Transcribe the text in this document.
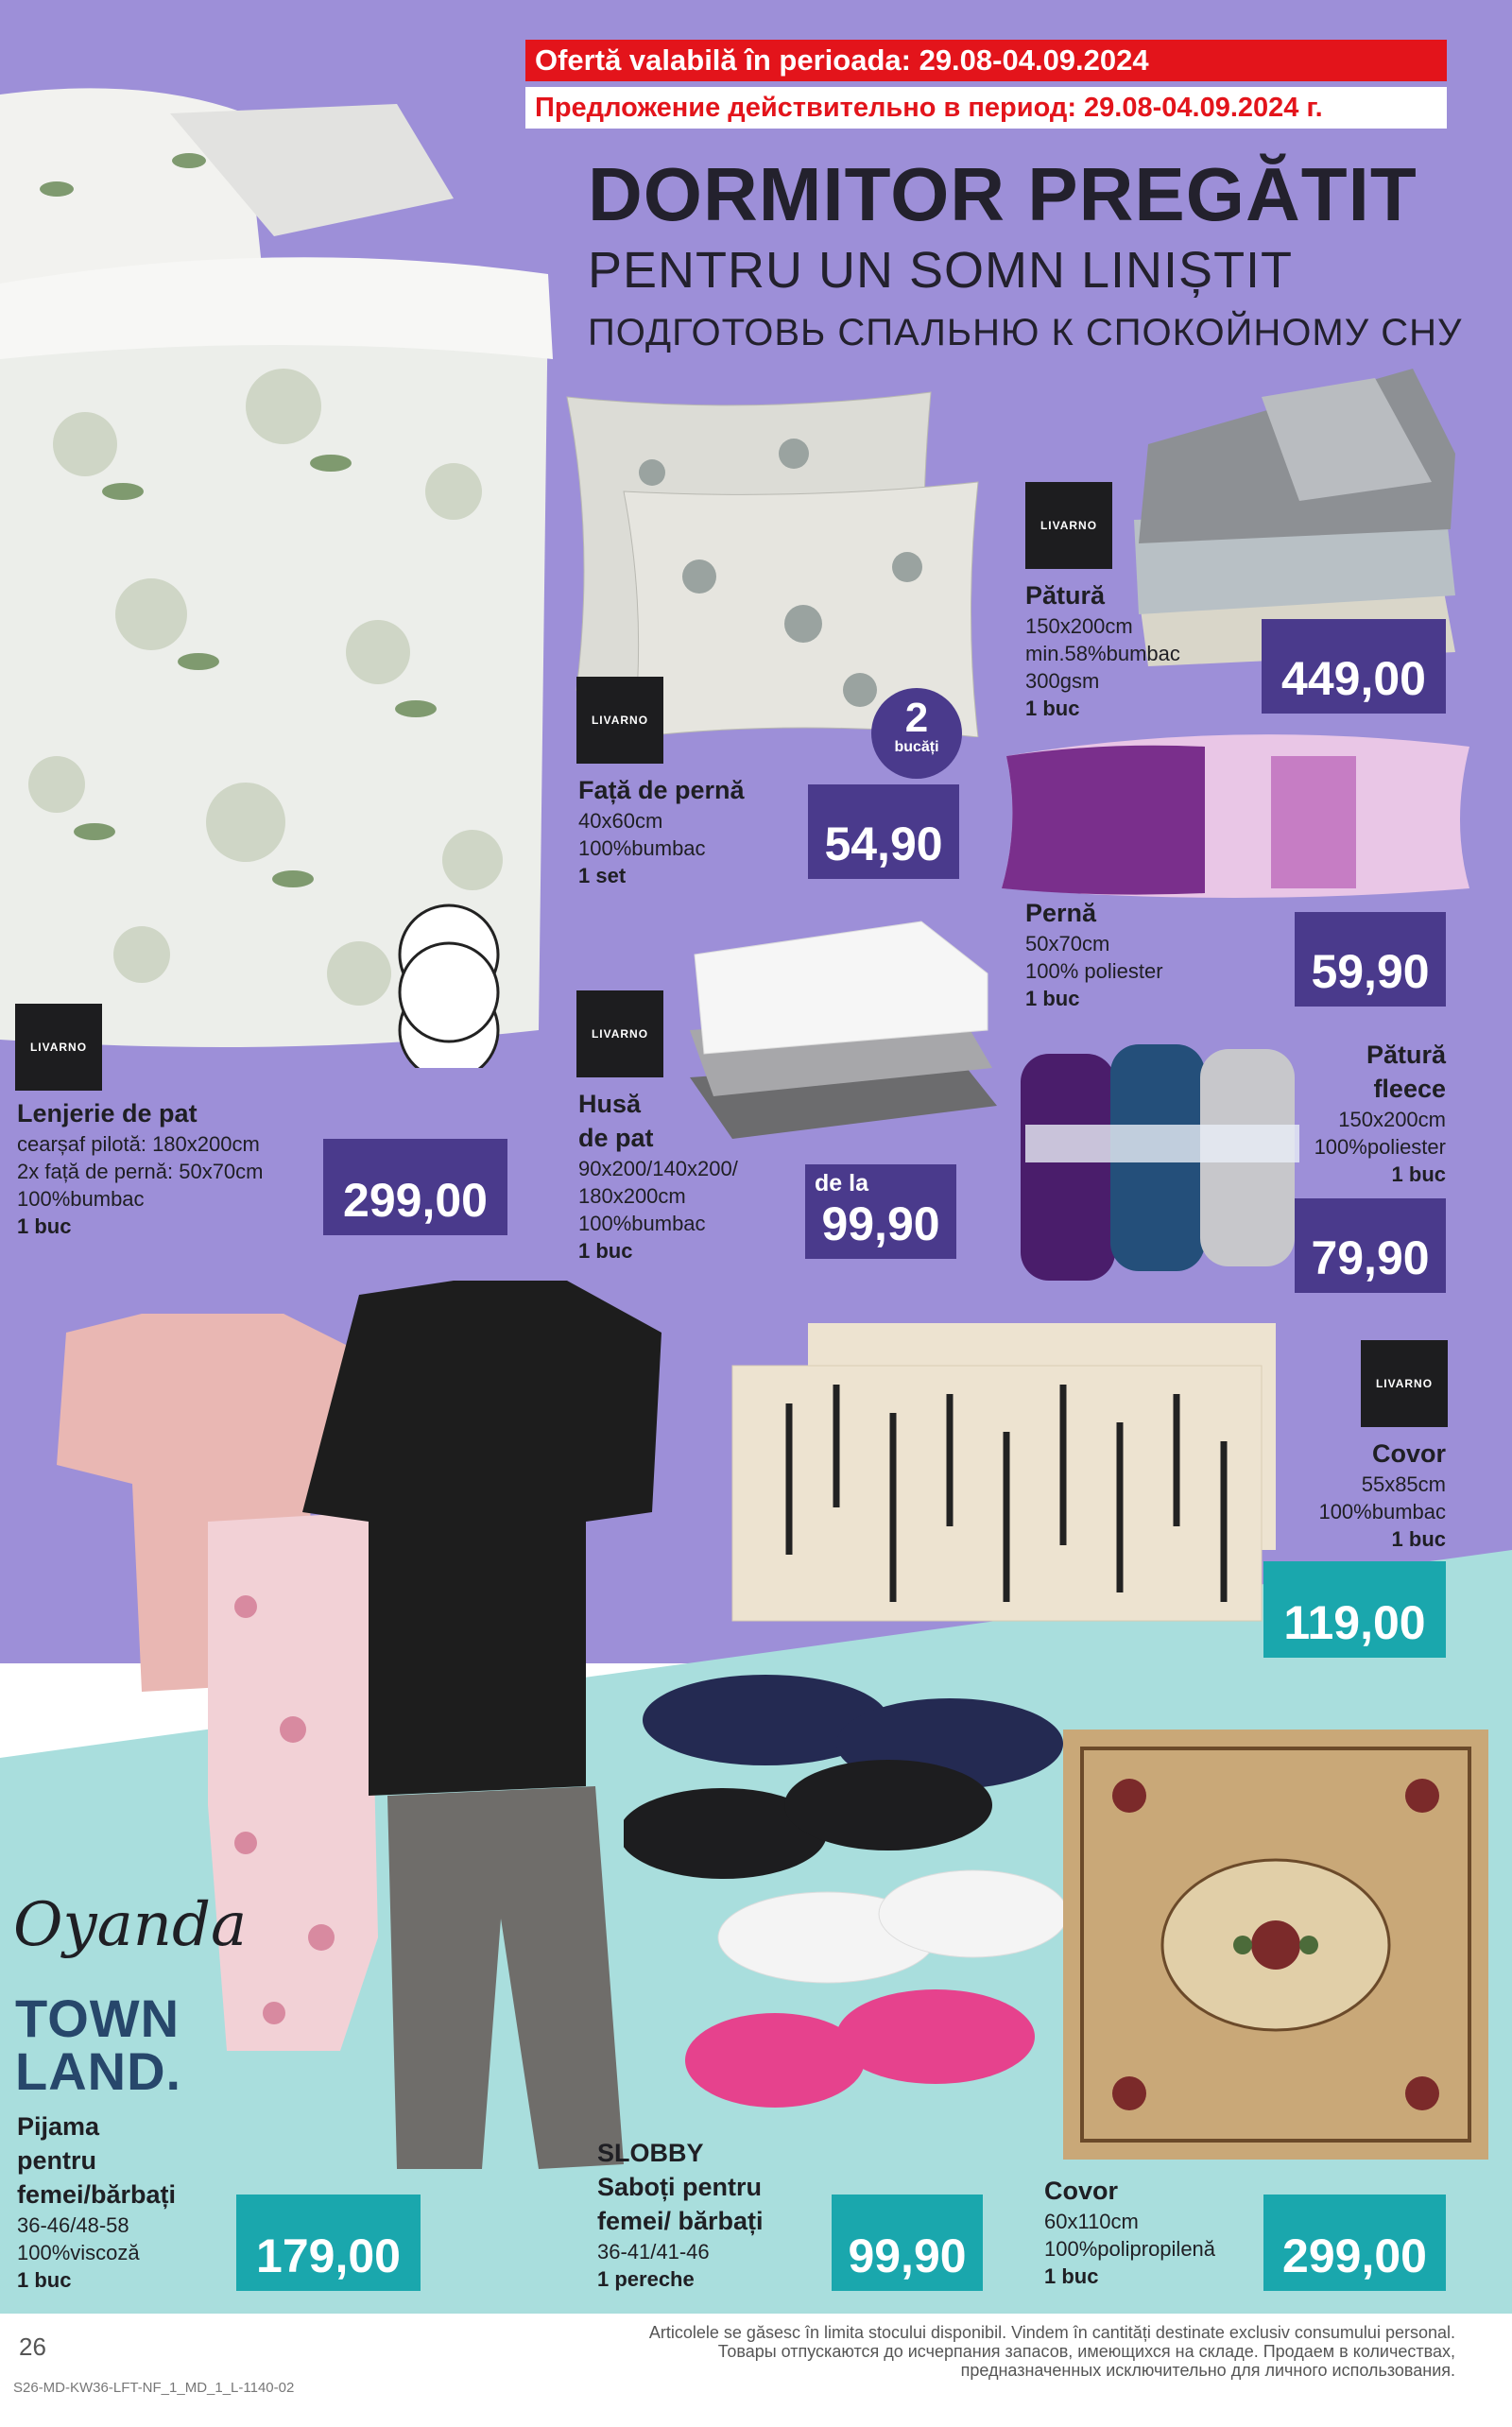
Ofertă valabilă în perioada: 29.08-04.09.2024
Предложение действительно в период: 29.08-04.09.2024 г.
DORMITOR PREGĂTIT
PENTRU UN SOMN LINIȘTIT
ПОДГОТОВЬ СПАЛЬНЮ К СПОКОЙНОМУ СНУ
LIVARNO
LIVARNO
LIVARNO
LIVARNO
LIVARNO
Lenjerie de pat
cearșaf pilotă: 180x200cm
2x față de pernă: 50x70cm
100%bumbac
1 buc	299,00
2
bucăți
Față de pernă
40x60cm
100%bumbac
1 set
54,90
Pătură
150x200cm
min.58%bumbac
300gsm
1 buc
449,00
Pernă
50x70cm
100% poliester
1 buc
59,90
Husă
de pat
90x200/140x200/
180x200cm
100%bumbac
1 buc
de la
99,90
Pătură
fleece
150x200cm
100%poliester
1 buc
79,90
Covor
55x85cm
100%bumbac
1 buc
119,00
Oyanda
TOWN
LAND.
Pijama
pentru
femei/bărbați
36-46/48-58
100%viscoză
1 buc	179,00
SLOBBY
Saboți pentru
femei/ bărbați
36-41/41-46
1 pereche	99,90
Covor
60x110cm
100%polipropilenă
1 buc	299,00
26
S26-MD-KW36-LFT-NF_1_MD_1_L-1140-02
Articolele se găsesc în limita stocului disponibil. Vindem în cantități destinate exclusiv consumului personal.
Товары отпускаются до исчерпания запасов, имеющихся на складе. Продаем в количествах,
предназначенных исключительно для личного использования.
